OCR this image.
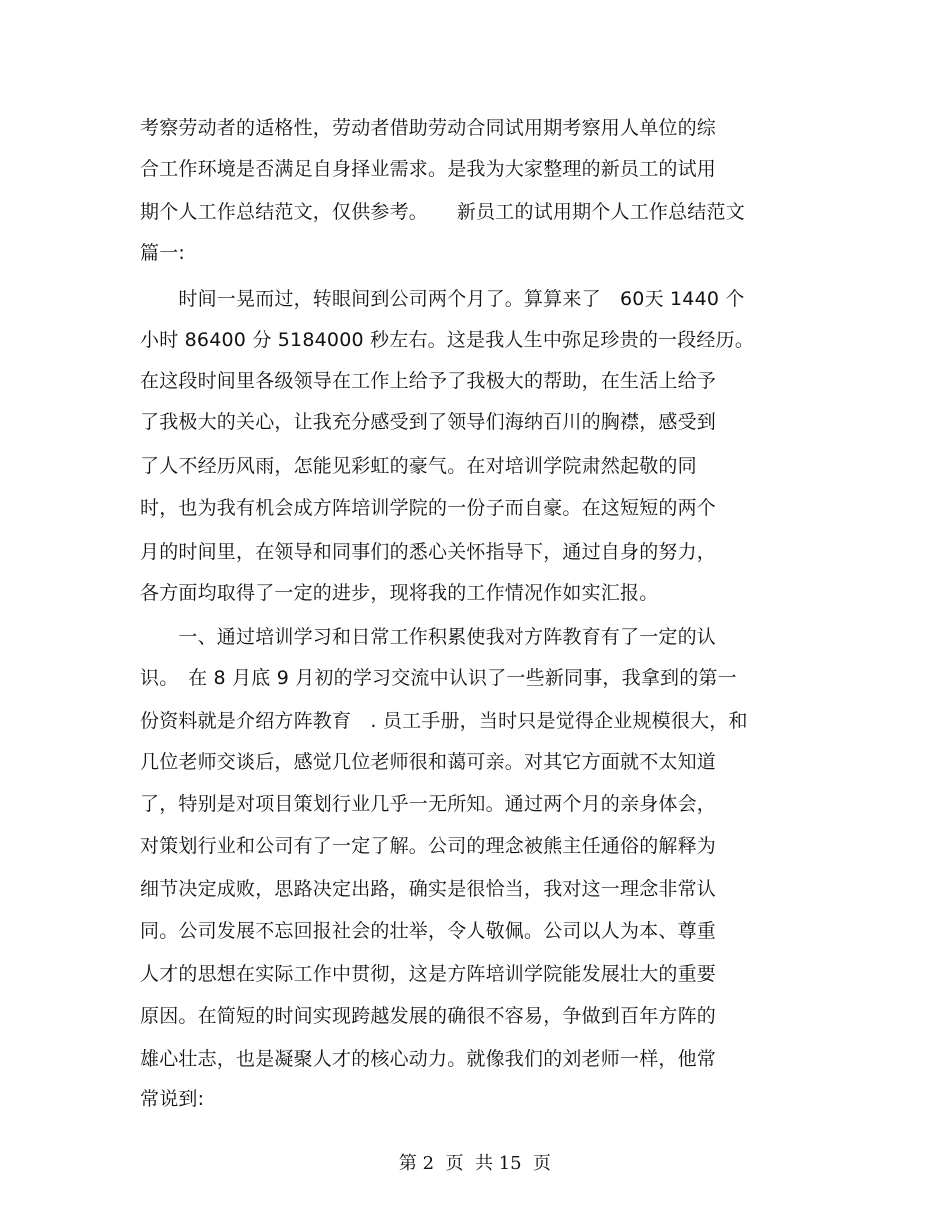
考察劳动者的适格性，劳动者借助劳动合同试用期考察用人单位的综
合工作环境是否满足自身择业需求。是我为大家整理的新员工的试用
期个人工作总结范文，仅供参考。　　新员工的试用期个人工作总结范文
篇一:
　　时间一晃而过，转眼间到公司两个月了。算算来了　60天 1440 个
小时 86400 分 5184000 秒左右。这是我人生中弥足珍贵的一段经历。
在这段时间里各级领导在工作上给予了我极大的帮助，在生活上给予
了我极大的关心，让我充分感受到了领导们海纳百川的胸襟，感受到
了人不经历风雨，怎能见彩虹的豪气。在对培训学院肃然起敬的同
时，也为我有机会成方阵培训学院的一份子而自豪。在这短短的两个
月的时间里，在领导和同事们的悉心关怀指导下，通过自身的努力，
各方面均取得了一定的进步，现将我的工作情况作如实汇报。
　　一、通过培训学习和日常工作积累使我对方阵教育有了一定的认
识。　在 8 月底 9 月初的学习交流中认识了一些新同事，我拿到的第一
份资料就是介绍方阵教育　. 员工手册，当时只是觉得企业规模很大，和
几位老师交谈后，感觉几位老师很和蔼可亲。对其它方面就不太知道
了，特别是对项目策划行业几乎一无所知。通过两个月的亲身体会，
对策划行业和公司有了一定了解。公司的理念被熊主任通俗的解释为
细节决定成败，思路决定出路，确实是很恰当，我对这一理念非常认
同。公司发展不忘回报社会的壮举，令人敬佩。公司以人为本、尊重
人才的思想在实际工作中贯彻，这是方阵培训学院能发展壮大的重要
原因。在简短的时间实现跨越发展的确很不容易，争做到百年方阵的
雄心壮志，也是凝聚人才的核心动力。就像我们的刘老师一样，他常
常说到:
第 2  页  共 15  页
